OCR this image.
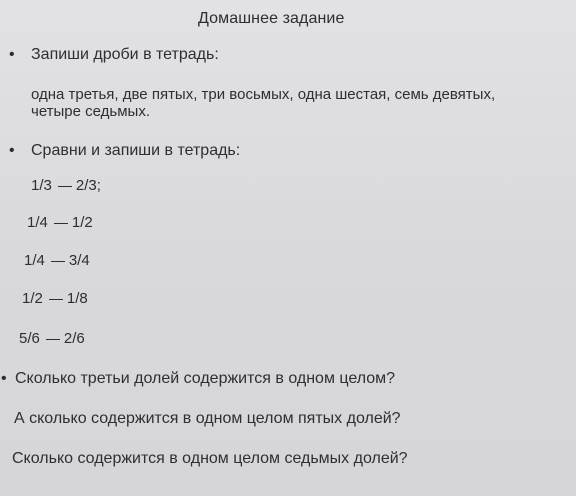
Домашнее задание
• Запиши дроби в тетрадь:
одна третья, две пятых, три восьмых, одна шестая, семь девятых,
четыре седьмых.
• Сравни и запиши в тетрадь:
1/3 2/3;
1/4 1/2
1/4 3/4
1/2 1/8
5/6 2/6
• Сколько третьи долей содержится в одном целом?
А сколько содержится в одном целом пятых долей?
Сколько содержится в одном целом седьмых долей?
